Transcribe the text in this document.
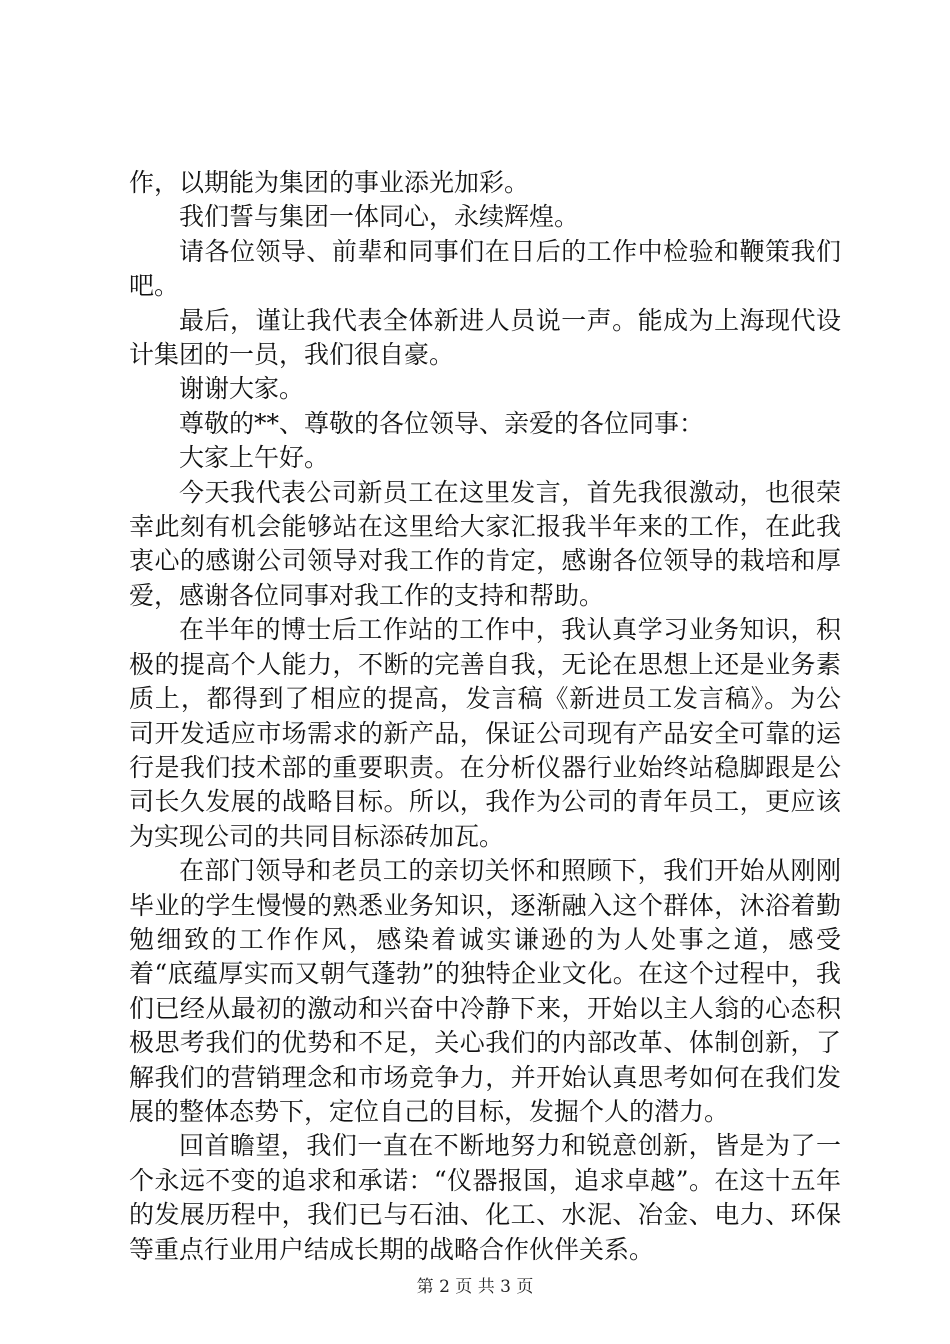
作，以期能为集团的事业添光加彩。

我们誓与集团一体同心，永续辉煌。

请各位领导、前辈和同事们在日后的工作中检验和鞭策我们吧。

最后，谨让我代表全体新进人员说一声。能成为上海现代设计集团的一员，我们很自豪。

谢谢大家。

尊敬的**、尊敬的各位领导、亲爱的各位同事：

大家上午好。

今天我代表公司新员工在这里发言，首先我很激动，也很荣幸此刻有机会能够站在这里给大家汇报我半年来的工作，在此我衷心的感谢公司领导对我工作的肯定，感谢各位领导的栽培和厚爱，感谢各位同事对我工作的支持和帮助。

在半年的博士后工作站的工作中，我认真学习业务知识，积极的提高个人能力，不断的完善自我，无论在思想上还是业务素质上，都得到了相应的提高，发言稿《新进员工发言稿》。为公司开发适应市场需求的新产品，保证公司现有产品安全可靠的运行是我们技术部的重要职责。在分析仪器行业始终站稳脚跟是公司长久发展的战略目标。所以，我作为公司的青年员工，更应该为实现公司的共同目标添砖加瓦。

在部门领导和老员工的亲切关怀和照顾下，我们开始从刚刚毕业的学生慢慢的熟悉业务知识，逐渐融入这个群体，沐浴着勤勉细致的工作作风，感染着诚实谦逊的为人处事之道，感受着“底蕴厚实而又朝气蓬勃”的独特企业文化。在这个过程中，我们已经从最初的激动和兴奋中冷静下来，开始以主人翁的心态积极思考我们的优势和不足，关心我们的内部改革、体制创新，了解我们的营销理念和市场竞争力，并开始认真思考如何在我们发展的整体态势下，定位自己的目标，发掘个人的潜力。

回首瞻望，我们一直在不断地努力和锐意创新，皆是为了一个永远不变的追求和承诺：“仪器报国，追求卓越”。在这十五年的发展历程中，我们已与石油、化工、水泥、冶金、电力、环保等重点行业用户结成长期的战略合作伙伴关系。

第 2 页 共 3 页
